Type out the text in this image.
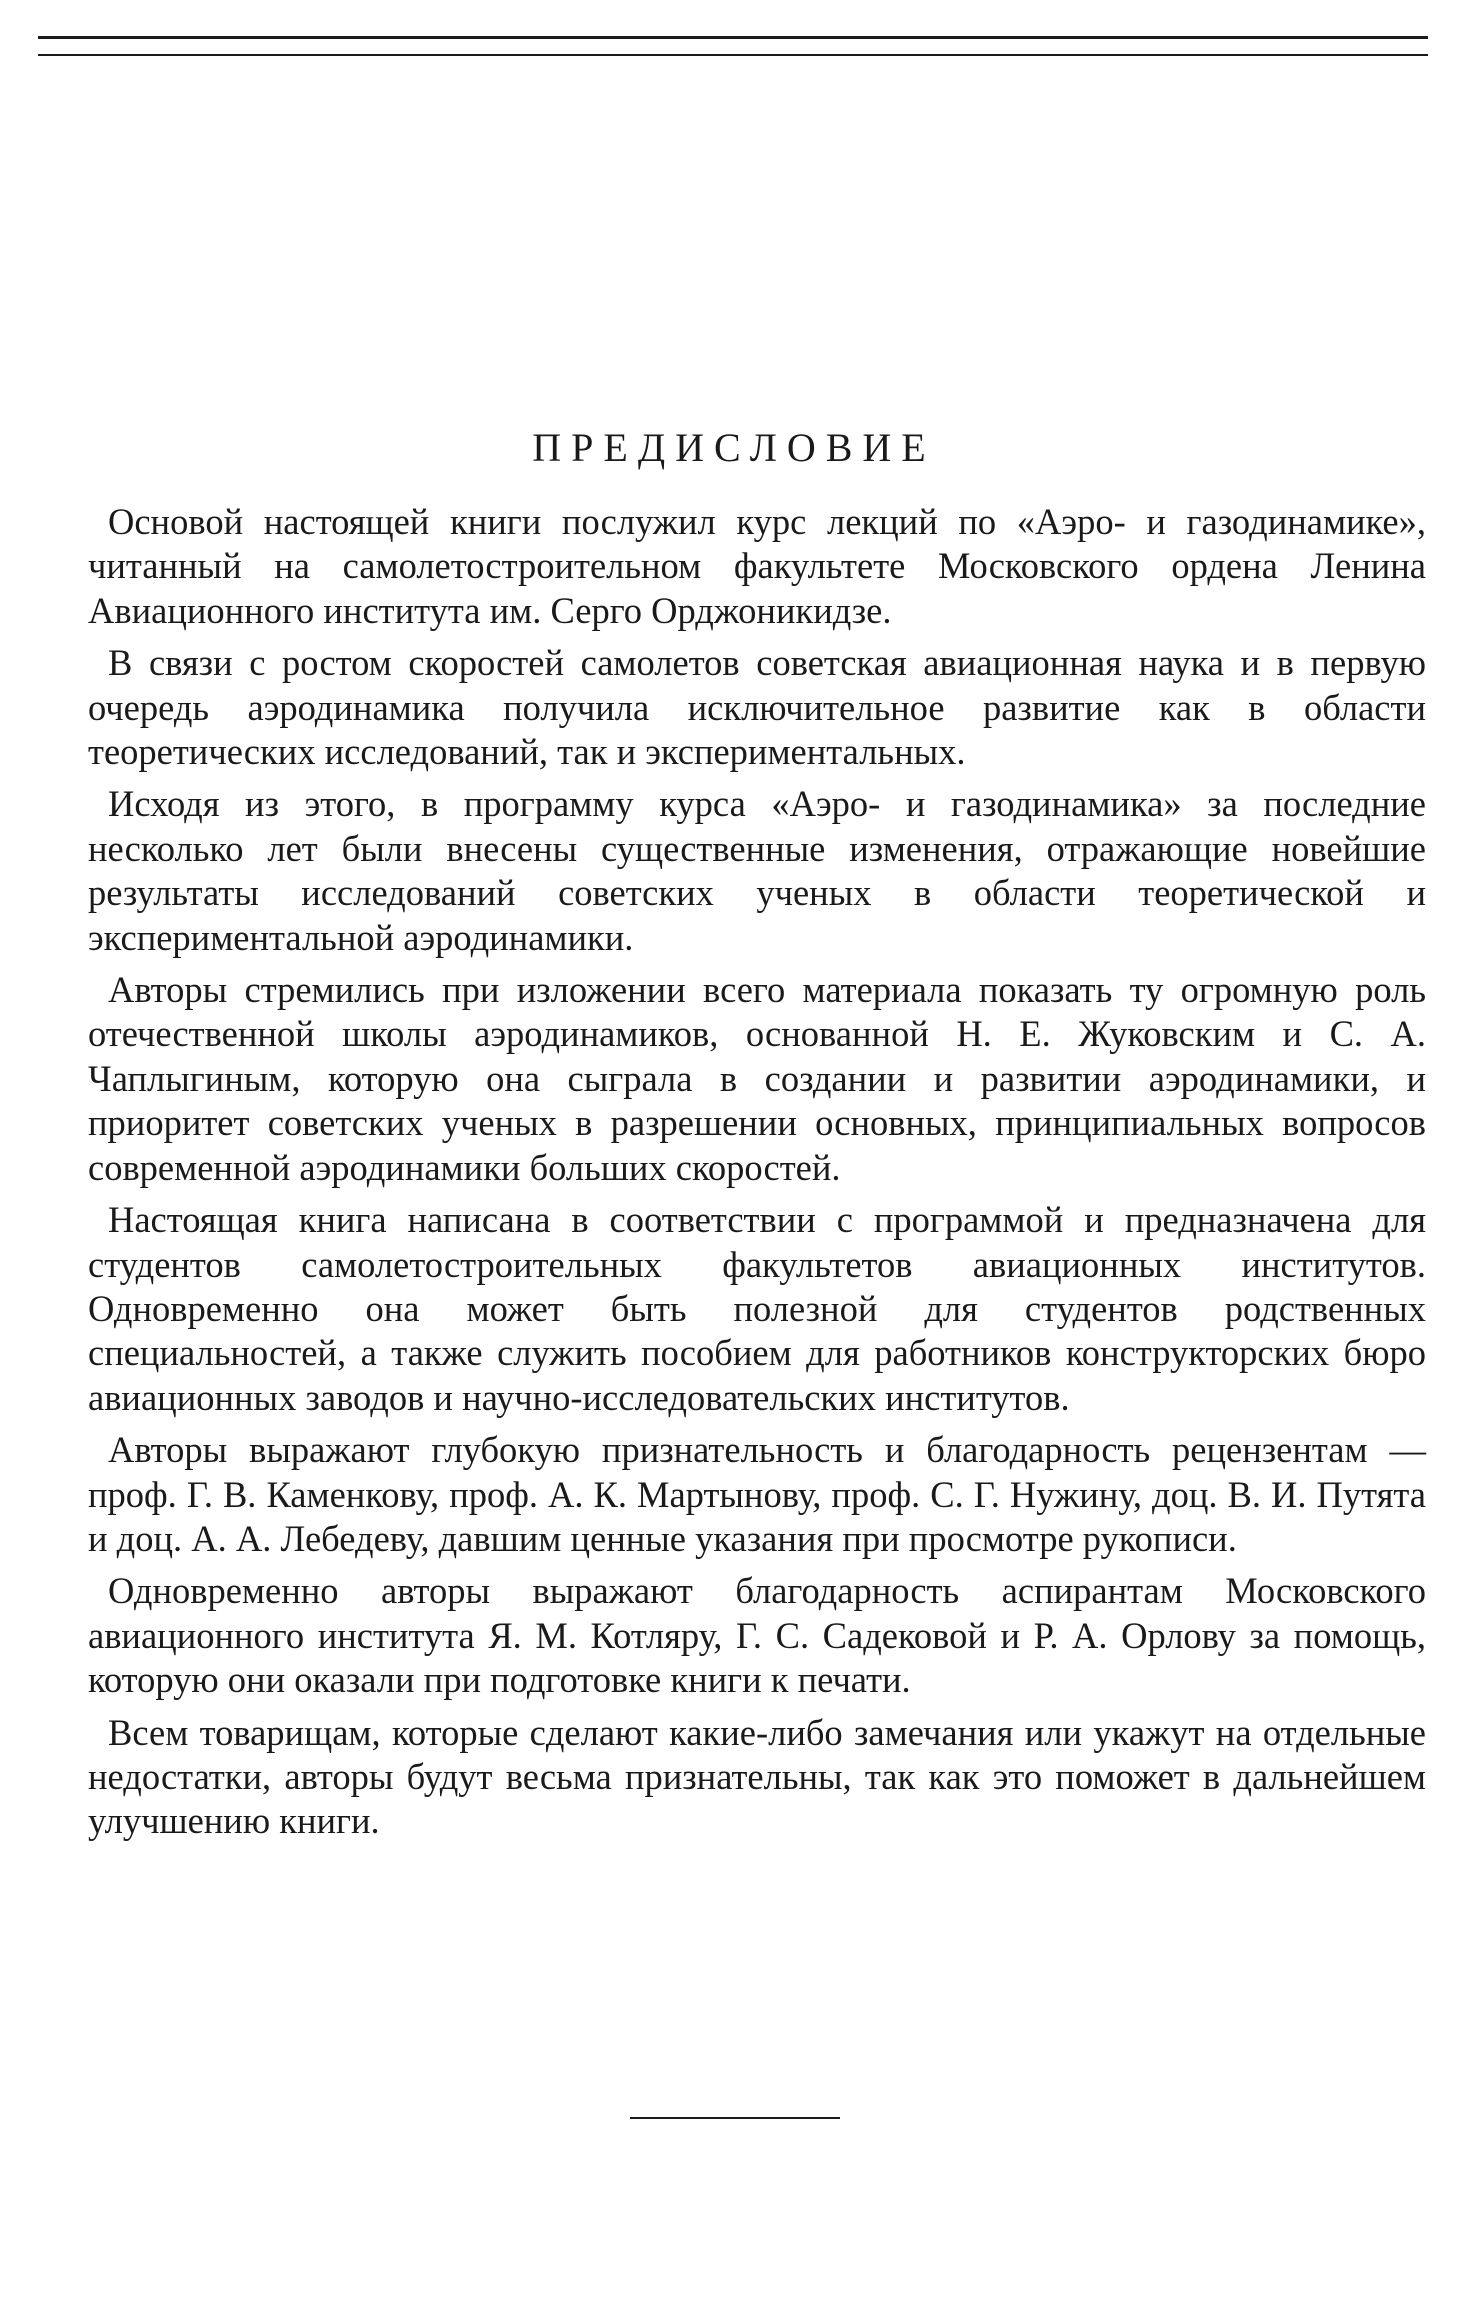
ПРЕДИСЛОВИЕ

Основой настоящей книги послужил курс лекций по «Аэро- и газодинамике», читанный на самолетостроительном факультете Московского ордена Ленина Авиационного института им. Серго Орджоникидзе.

В связи с ростом скоростей самолетов советская авиационная наука и в первую очередь аэродинамика получила исключительное развитие как в области теоретических исследований, так и экспериментальных.

Исходя из этого, в программу курса «Аэро- и газодинамика» за последние несколько лет были внесены существенные изменения, отражающие новейшие результаты исследований советских ученых в области теоретической и экспериментальной аэродинамики.

Авторы стремились при изложении всего материала показать ту огромную роль отечественной школы аэродинамиков, основанной Н. Е. Жуковским и С. А. Чаплыгиным, которую она сыграла в создании и развитии аэродинамики, и приоритет советских ученых в разрешении основных, принципиальных вопросов современной аэродинамики больших скоростей.

Настоящая книга написана в соответствии с программой и предназначена для студентов самолетостроительных факультетов авиационных институтов. Одновременно она может быть полезной для студентов родственных специальностей, а также служить пособием для работников конструкторских бюро авиационных заводов и научно-исследовательских институтов.

Авторы выражают глубокую признательность и благодарность рецензентам — проф. Г. В. Каменкову, проф. А. К. Мартынову, проф. С. Г. Нужину, доц. В. И. Путята и доц. А. А. Лебедеву, давшим ценные указания при просмотре рукописи.

Одновременно авторы выражают благодарность аспирантам Московского авиационного института Я. М. Котляру, Г. С. Садековой и Р. А. Орлову за помощь, которую они оказали при подготовке книги к печати.

Всем товарищам, которые сделают какие-либо замечания или укажут на отдельные недостатки, авторы будут весьма признательны, так как это поможет в дальнейшем улучшению книги.
